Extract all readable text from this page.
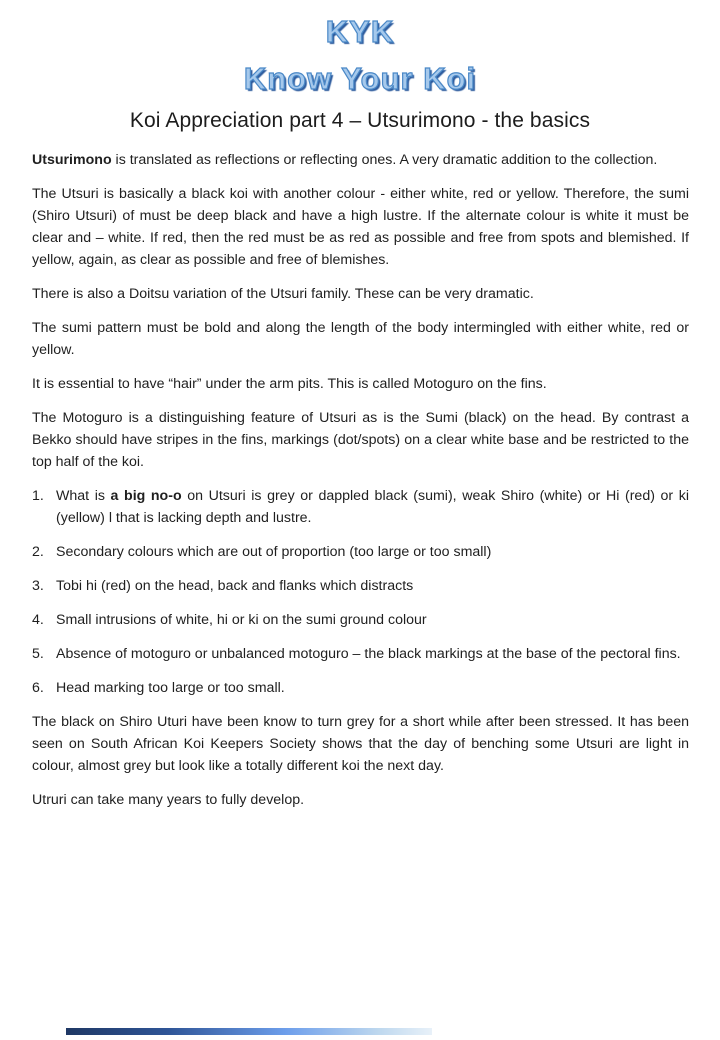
KYK
Know Your Koi
Koi Appreciation part 4 – Utsurimono - the basics

Utsurimono is translated as reflections or reflecting ones. A very dramatic addition to the collection.

The Utsuri is basically a black koi with another colour - either white, red or yellow. Therefore, the sumi (Shiro Utsuri) of must be deep black and have a high lustre. If the alternate colour is white it must be clear and – white. If red, then the red must be as red as possible and free from spots and blemished. If yellow, again, as clear as possible and free of blemishes.

There is also a Doitsu variation of the Utsuri family. These can be very dramatic.

The sumi pattern must be bold and along the length of the body intermingled with either white, red or yellow.

It is essential to have “hair” under the arm pits. This is called Motoguro on the fins.

The Motoguro is a distinguishing feature of Utsuri as is the Sumi (black) on the head. By contrast a Bekko should have stripes in the fins, markings (dot/spots) on a clear white base and be restricted to the top half of the koi.

1. What is a big no-o on Utsuri is grey or dappled black (sumi), weak Shiro (white) or Hi (red) or ki (yellow) l that is lacking depth and lustre.
2. Secondary colours which are out of proportion (too large or too small)
3. Tobi hi (red) on the head, back and flanks which distracts
4. Small intrusions of white, hi or ki on the sumi ground colour
5. Absence of motoguro or unbalanced motoguro – the black markings at the base of the pectoral fins.
6. Head marking too large or too small.

The black on Shiro Uturi have been know to turn grey for a short while after been stressed. It has been seen on South African Koi Keepers Society shows that the day of benching some Utsuri are light in colour, almost grey but look like a totally different koi the next day.

Utruri can take many years to fully develop.
